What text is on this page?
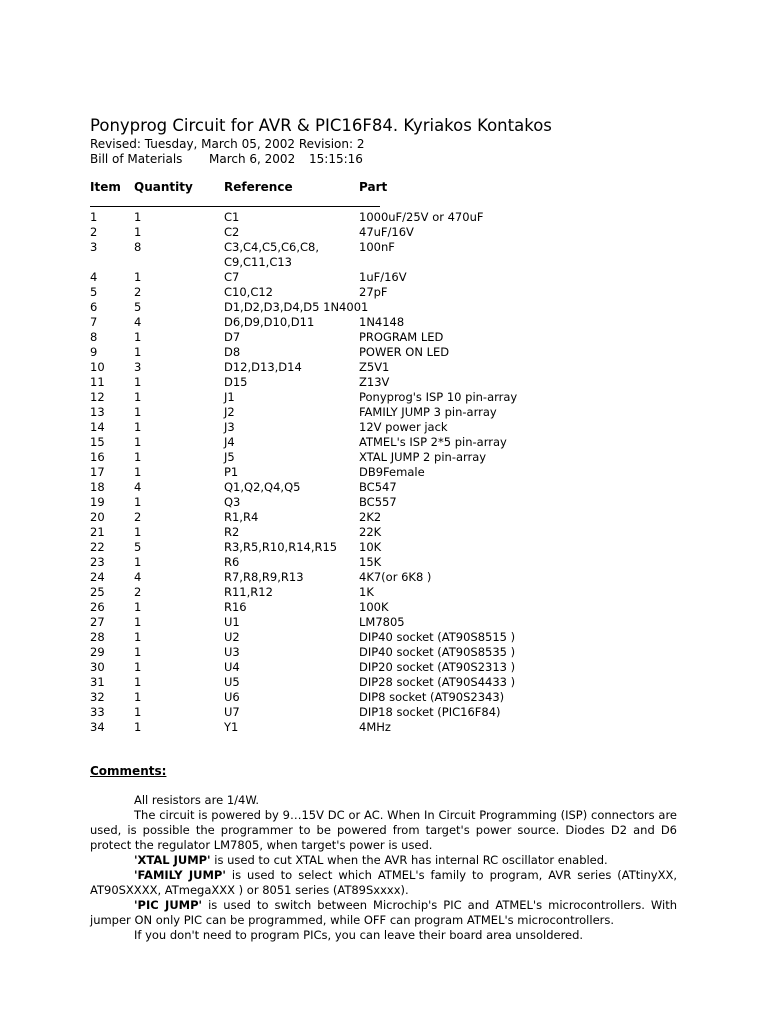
Ponyprog Circuit for AVR & PIC16F84. Kyriakos Kontakos
Revised: Tuesday, March 05, 2002 Revision: 2
Bill of Materials March 6, 2002 15:15:16
Item Quantity	Reference	Part
1	1	C1	1000uF/25V or 470uF
2	1	C2	47uF/16V
3	8	C3,C4,C5,C6,C8,	100nF
C9,C11,C13
4	1	C7	1uF/16V
5	2	C10,C12	27pF
6	5	D1,D2,D3,D4,D5 1N4001
7	4	D6,D9,D10,D11	1N4148
8	1	D7	PROGRAM LED
9	1	D8	POWER ON LED
10	3	D12,D13,D14	Z5V1
11	1	D15	Z13V
12	1	J1	Ponyprog's ISP 10 pin-array
13	1	J2	FAMILY JUMP 3 pin-array
14	1	J3	12V power jack
15	1	J4	ATMEL's ISP 2*5 pin-array
16	1	J5	XTAL JUMP 2 pin-array
17	1	P1	DB9Female
18	4	Q1,Q2,Q4,Q5	BC547
19	1	Q3	BC557
20	2	R1,R4	2K2
21	1	R2	22K
22	5	R3,R5,R10,R14,R15 10K
23	1	R6	15K
24	4	R7,R8,R9,R13	4K7(or 6K8 )
25	2	R11,R12	1K
26	1	R16	100K
27	1	U1	LM7805
28	1	U2	DIP40 socket (AT90S8515 )
29	1	U3	DIP40 socket (AT90S8535 )
30	1	U4	DIP20 socket (AT90S2313 )
31	1	U5	DIP28 socket (AT90S4433 )
32	1	U6	DIP8 socket (AT90S2343)
33	1	U7	DIP18 socket (PIC16F84)
34	1	Y1	4MHz
Comments:

All resistors are 1/4W.

The circuit is powered by 9…15V DC or AC. When In Circuit Programming (ISP) connectors are used, is possible the programmer to be powered from target's power source. Diodes D2 and D6 protect the regulator LM7805, when target's power is used.

'XTAL JUMP' is used to cut XTAL when the AVR has internal RC oscillator enabled.

'FAMILY JUMP' is used to select which ATMEL's family to program, AVR series (ATtinyXX, AT90SXXXX, ATmegaXXX ) or 8051 series (AT89Sxxxx).

'PIC JUMP' is used to switch between Microchip's PIC and ATMEL's microcontrollers. With jumper ON only PIC can be programmed, while OFF can program ATMEL's microcontrollers.

If you don't need to program PICs, you can leave their board area unsoldered.
